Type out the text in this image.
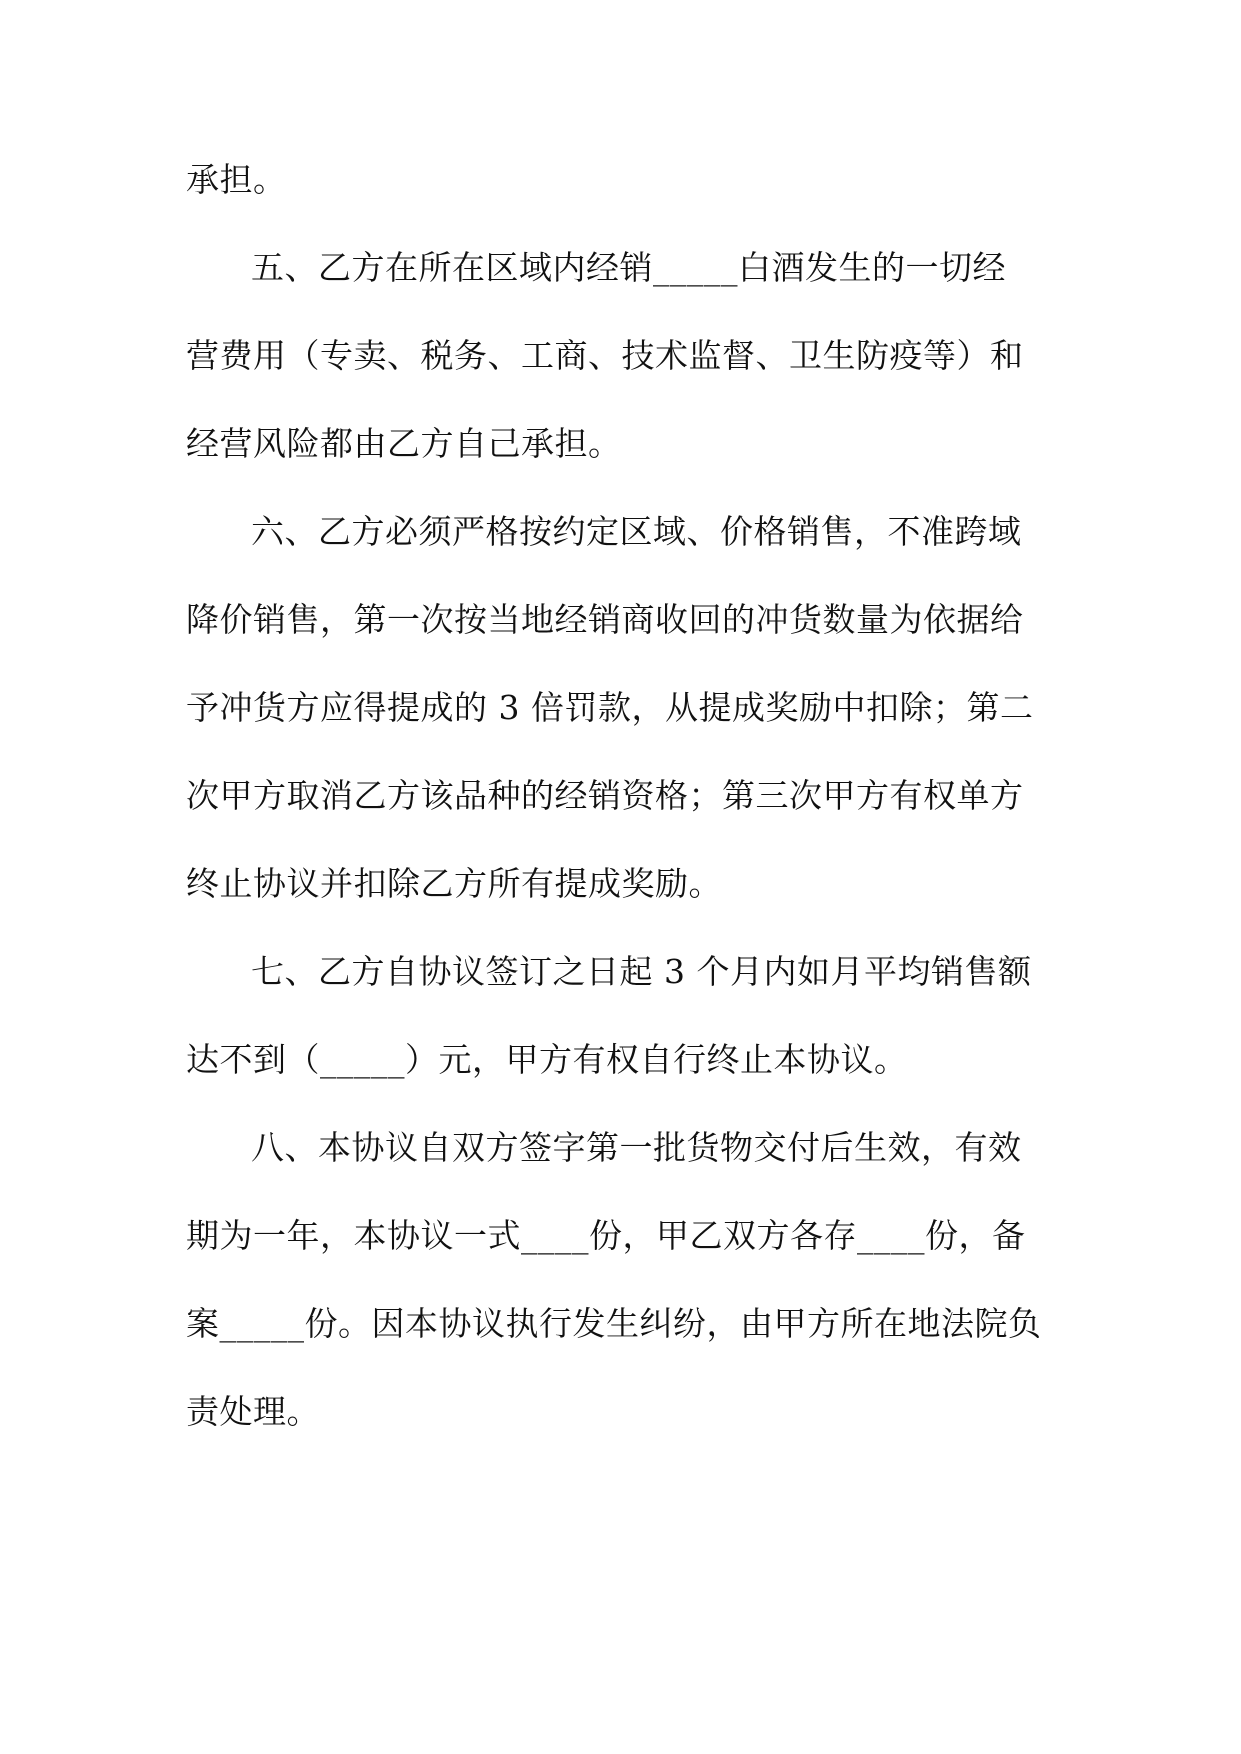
承担。
五、乙方在所在区域内经销_____白酒发生的一切经
营费用（专卖、税务、工商、技术监督、卫生防疫等）和
经营风险都由乙方自己承担。
六、乙方必须严格按约定区域、价格销售，不准跨域
降价销售，第一次按当地经销商收回的冲货数量为依据给
予冲货方应得提成的 3 倍罚款，从提成奖励中扣除；第二
次甲方取消乙方该品种的经销资格；第三次甲方有权单方
终止协议并扣除乙方所有提成奖励。
七、乙方自协议签订之日起 3 个月内如月平均销售额
达不到（_____）元，甲方有权自行终止本协议。
八、本协议自双方签字第一批货物交付后生效，有效
期为一年，本协议一式____份，甲乙双方各存____份，备
案_____份。因本协议执行发生纠纷，由甲方所在地法院负
责处理。
